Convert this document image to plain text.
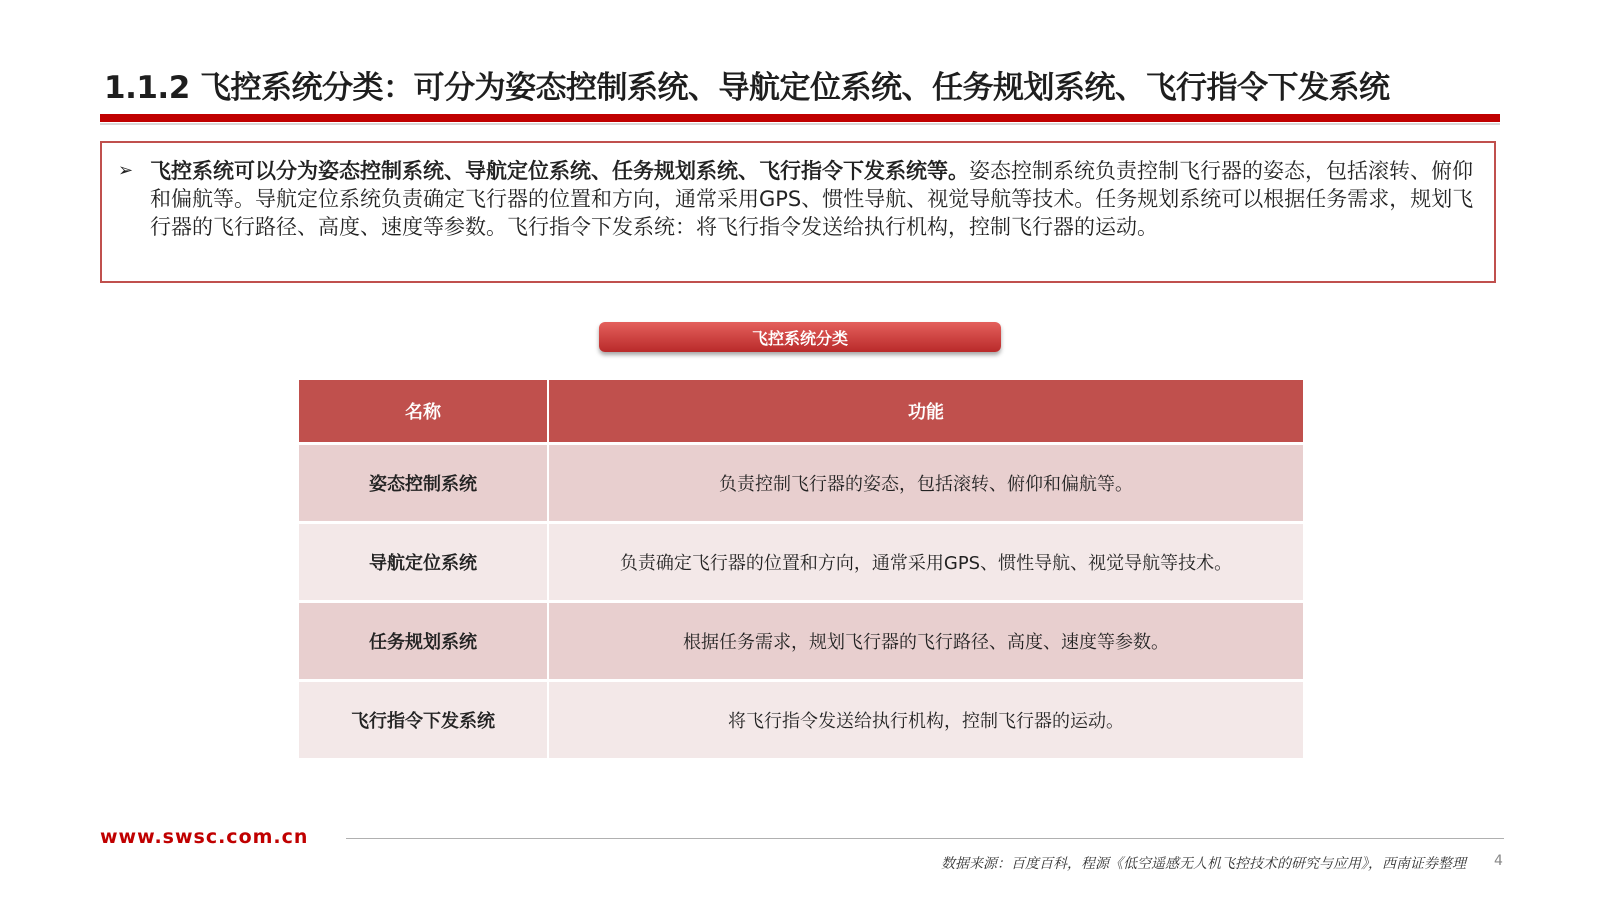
1.1.2 飞控系统分类：可分为姿态控制系统、导航定位系统、任务规划系统、飞行指令下发系统
➢ 飞控系统可以分为姿态控制系统、导航定位系统、任务规划系统、飞行指令下发系统等。姿态控制系统负责控制飞行器的姿态，包括滚转、俯仰和偏航等。导航定位系统负责确定飞行器的位置和方向，通常采用GPS、惯性导航、视觉导航等技术。任务规划系统可以根据任务需求，规划飞行器的飞行路径、高度、速度等参数。飞行指令下发系统：将飞行指令发送给执行机构，控制飞行器的运动。
飞控系统分类
名称	功能
姿态控制系统	负责控制飞行器的姿态，包括滚转、俯仰和偏航等。
导航定位系统	负责确定飞行器的位置和方向，通常采用GPS、惯性导航、视觉导航等技术。
任务规划系统	根据任务需求，规划飞行器的飞行路径、高度、速度等参数。
飞行指令下发系统	将飞行指令发送给执行机构，控制飞行器的运动。
www.swsc.com.cn
数据来源：百度百科，程源《低空遥感无人机飞控技术的研究与应用》，西南证券整理 4
